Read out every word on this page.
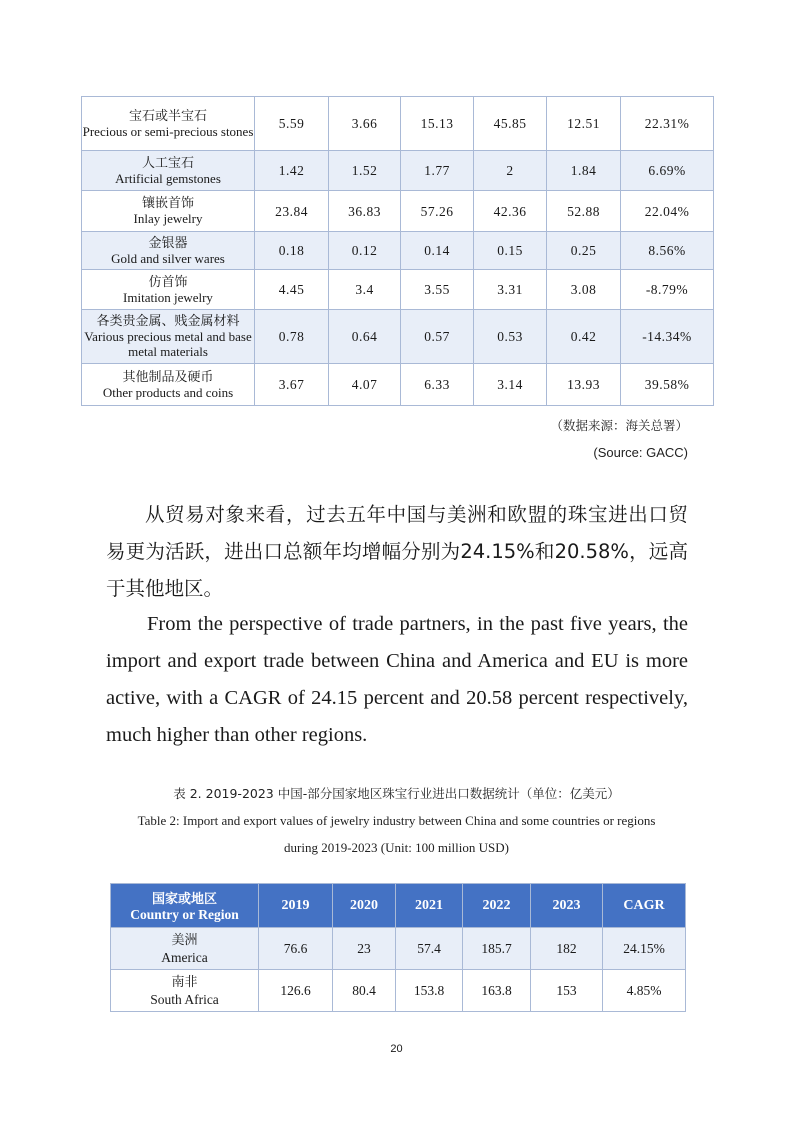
宝石或半宝石
Precious or semi-precious stones	5.59	3.66	15.13	45.85	12.51	22.31%

人工宝石
Artificial gemstones	1.42	1.52	1.77	2	1.84	6.69%

镶嵌首饰
Inlay jewelry	23.84	36.83	57.26	42.36	52.88	22.04%

金银器
Gold and silver wares	0.18	0.12	0.14	0.15	0.25	8.56%

仿首饰
Imitation jewelry	4.45	3.4	3.55	3.31	3.08	-8.79%

各类贵金属、贱金属材料
Various precious metal and base metal materials	0.78	0.64	0.57	0.53	0.42	-14.34%

其他制品及硬币
Other products and coins	3.67	4.07	6.33	3.14	13.93	39.58%
（数据来源：海关总署）
(Source: GACC)

从贸易对象来看，过去五年中国与美洲和欧盟的珠宝进出口贸易更为活跃，进出口总额年均增幅分别为24.15%和20.58%，远高于其他地区。

From the perspective of trade partners, in the past five years, the import and export trade between China and America and EU is more active, with a CAGR of 24.15 percent and 20.58 percent respectively, much higher than other regions.

表 2. 2019-2023 中国-部分国家地区珠宝行业进出口数据统计（单位：亿美元）
Table 2: Import and export values of jewelry industry between China and some countries or regions
during 2019-2023 (Unit: 100 million USD)
国家或地区
Country or Region	2019	2020	2021	2022	2023	CAGR

美洲
America	76.6	23	57.4	185.7	182	24.15%

南非
South Africa	126.6	80.4	153.8	163.8	153	4.85%
20
